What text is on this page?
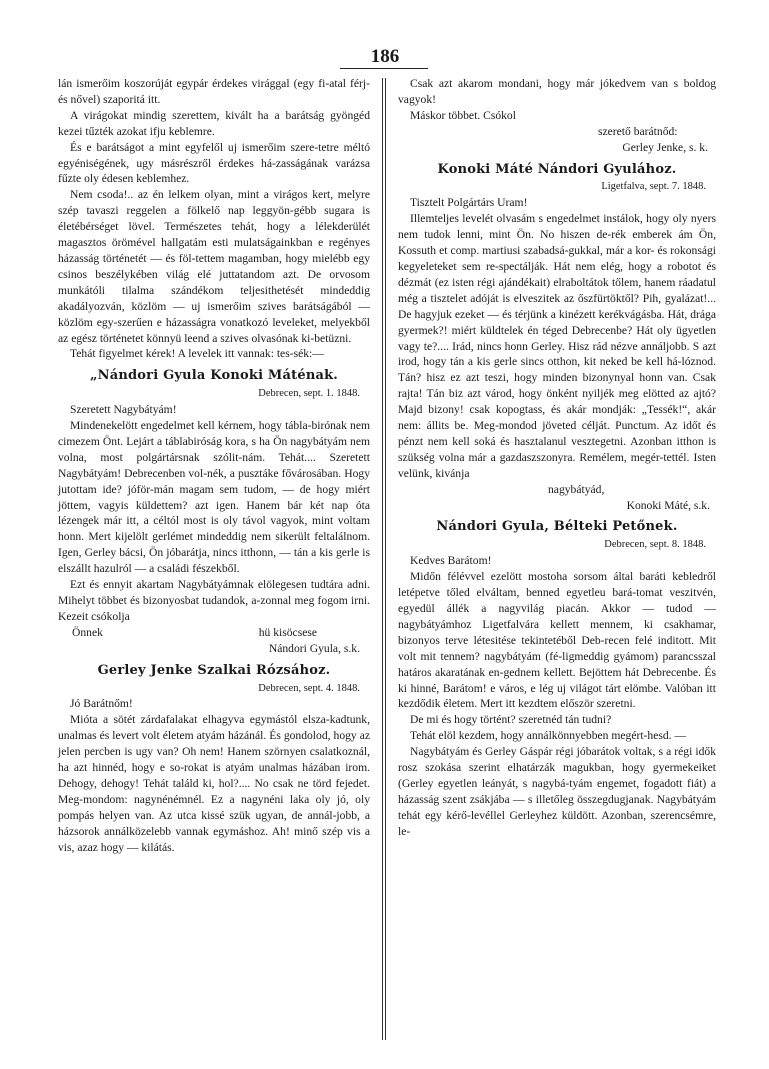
186

lán ismerőim koszorúját egypár érdekes virággal (egy fi-atal férj- és nővel) szaporitá itt.

A virágokat mindig szerettem, kivált ha a barátság gyöngéd kezei tűzték azokat ifju keblemre.

És e barátságot a mint egyfelől uj ismerőim szere-tetre méltó egyéniségének, ugy másrészről érdekes há-zasságának varázsa fűzte oly édesen keblemhez.

Nem csoda!.. az én lelkem olyan, mint a virágos kert, melyre szép tavaszi reggelen a fölkelő nap leggyön-gébb sugara is életébérséget lövel. Természetes tehát, hogy a lélekderülét magasztos örömével hallgatám esti mulatságainkban e regényes házasság történetét — és föl-tettem magamban, hogy mielébb egy csinos beszélykében világ elé juttatandom azt. De orvosom munkátóli tilalma szándékom teljesithetését mindeddig akadályozván, közlöm — uj ismerőim szives barátságából — közlöm egy-szerűen e házasságra vonatkozó leveleket, melyekből az egész történetet könnyü leend a szives olvasónak ki-betüzni.

Tehát figyelmet kérek! A levelek itt vannak: tes-sék:—

„Nándori Gyula Konoki Máténak.
Debrecen, sept. 1. 1848.

Szeretett Nagybátyám!

Mindenekelött engedelmet kell kérnem, hogy tábla-birónak nem cimezem Önt. Lejárt a táblabiróság kora, s ha Ön nagybátyám nem volna, most polgártársnak szólit-nám. Tehát.... Szeretett Nagybátyám! Debrecenben vol-nék, a pusztákе fővárosában. Hogy jutottam ide? jóför-mán magam sem tudom, — de hogy miért jöttem, vagyis küldettem? azt igen. Hanem bár két nap óta lézengek már itt, a céltól most is oly távol vagyok, mint voltam honn. Mert kijelölt gerlémet mindeddig nem sikerült feltalálnom. Igen, Gerley bácsi, Ön jóbarátja, nincs itthonn, — tán a kis gerle is elszállt hazulról — a családi fészekből.

Ezt és ennyit akartam Nagybátyámnak elölegesen tudtára adni. Mihelyt többet és bizonyosbat tudandok, a-zonnal meg fogom irni. Kezeit csókolja

Önnek	hü kisöcsese

Nándori Gyula, s.k.

Gerley Jenke Szalkai Rózsához.
Debrecen, sept. 4. 1848.

Jó Barátnőm!

Mióta a sötét zárdafalakat elhagyva egymástól elsza-kadtunk, unalmas és levert volt életem atyám házánál. És gondolod, hogy az jelen percben is ugy van? Oh nem! Hanem szörnyen csalatkoznál, ha azt hinnéd, hogy e so-rokat is atyám unalmas házában irom. Dehogy, dehogy! Tehát találd ki, hol?.... No csak ne törd fejedet. Meg-mondom: nagynénémnél. Ez a nagynéni laka oly jó, oly pompás helyen van. Az utca kissé szük ugyan, de annál-jobb, a házsorok annálközelebb vannak egymáshoz. Ah! minő szép vis a vis, azaz hogy — kilátás.

Csak azt akarom mondani, hogy már jókedvem van s boldog vagyok!

Máskor többet. Csókol

szerető barátnőd:

Gerley Jenke, s. k.

Konoki Máté Nándori Gyulához.
Ligetfalva, sept. 7. 1848.

Tisztelt Polgártárs Uram!

Illemteljes levelét olvasám s engedelmet instálok, hogy oly nyers nem tudok lenni, mint Ön. No hiszen de-rék emberek ám Ön, Kossuth et comp. martiusi szabadsá-gukkal, már a kor- és rokonsági kegyeleteket sem re-spectálják. Hát nem elég, hogy a robotot és dézmát (ez isten régi ajándékait) elraboltátok tőlem, hanem ráadatul még a tisztelet adóját is elveszitek az őszfürtöktől? Pih, gyalázat!... De hagyjuk ezeket — és térjünk a kinézett kerékvágásba. Hát, drága gyermek?! miért küldtelek én téged Debrecenbe? Hát oly ügyetlen vagy te?.... Irád, nincs honn Gerley. Hisz rád nézve annáljobb. S azt irod, hogy tán a kis gerle sincs otthon, kit neked be kell há-lóznod. Tán? hisz ez azt teszi, hogy minden bizonynyal honn van. Csak rajta! Tán biz azt várod, hogy önként nyiljék meg elötted az ajtó? Majd bizony! csak kopogtass, és akár mondják: „Tessék!“, akár nem: állits be. Meg-mondod jöveted célját. Punctum. Az időt és pénzt nem kell soká és hasztalanul vesztegetni. Azonban itthon is szükség volna már a gazdaszszonyra. Remélem, megér-tettél. Isten velünk, kivánja

nagybátyád,

Konoki Máté, s.k.

Nándori Gyula, Bélteki Petőnek.
Debrecen, sept. 8. 1848.

Kedves Barátom!

Midőn félévvel ezelött mostoha sorsom által baráti kebledről letépetve tőled elváltam, benned egyetleu bará-tomat veszitvén, egyedül állék a nagyvilág piacán. Akkor — tudod — nagybátyámhoz Ligetfalvára kellett mennem, ki csakhamar, bizonyos terve létesitése tekintetéből Deb-recen felé inditott. Mit volt mit tennem? nagybátyám (fé-ligmeddig gyámom) parancsszal határos akaratának en-gednem kellett. Bejöttem hát Debrecenbe. És ki hinné, Barátom! e város, e lég uj világot tárt elömbe. Valóban itt kezdődik életem. Mert itt kezdtem először szeretni.

De mi és hogy történt? szeretnéd tán tudni?

Tehát elöl kezdem, hogy annálkönnyebben megért-hesd. —

Nagybátyám és Gerley Gáspár régi jóbarátok voltak, s a régi idők rosz szokása szerint elhatárzák magukban, hogy gyermekeiket (Gerley egyetlen leányát, s nagybá-tyám engemet, fogadott fiát) a házasság szent zsákjába — s illetőleg összegdugjanak. Nagybátyám tehát egy kérő-levéllel Gerleyhez küldött. Azonban, szerencsémre, le-
